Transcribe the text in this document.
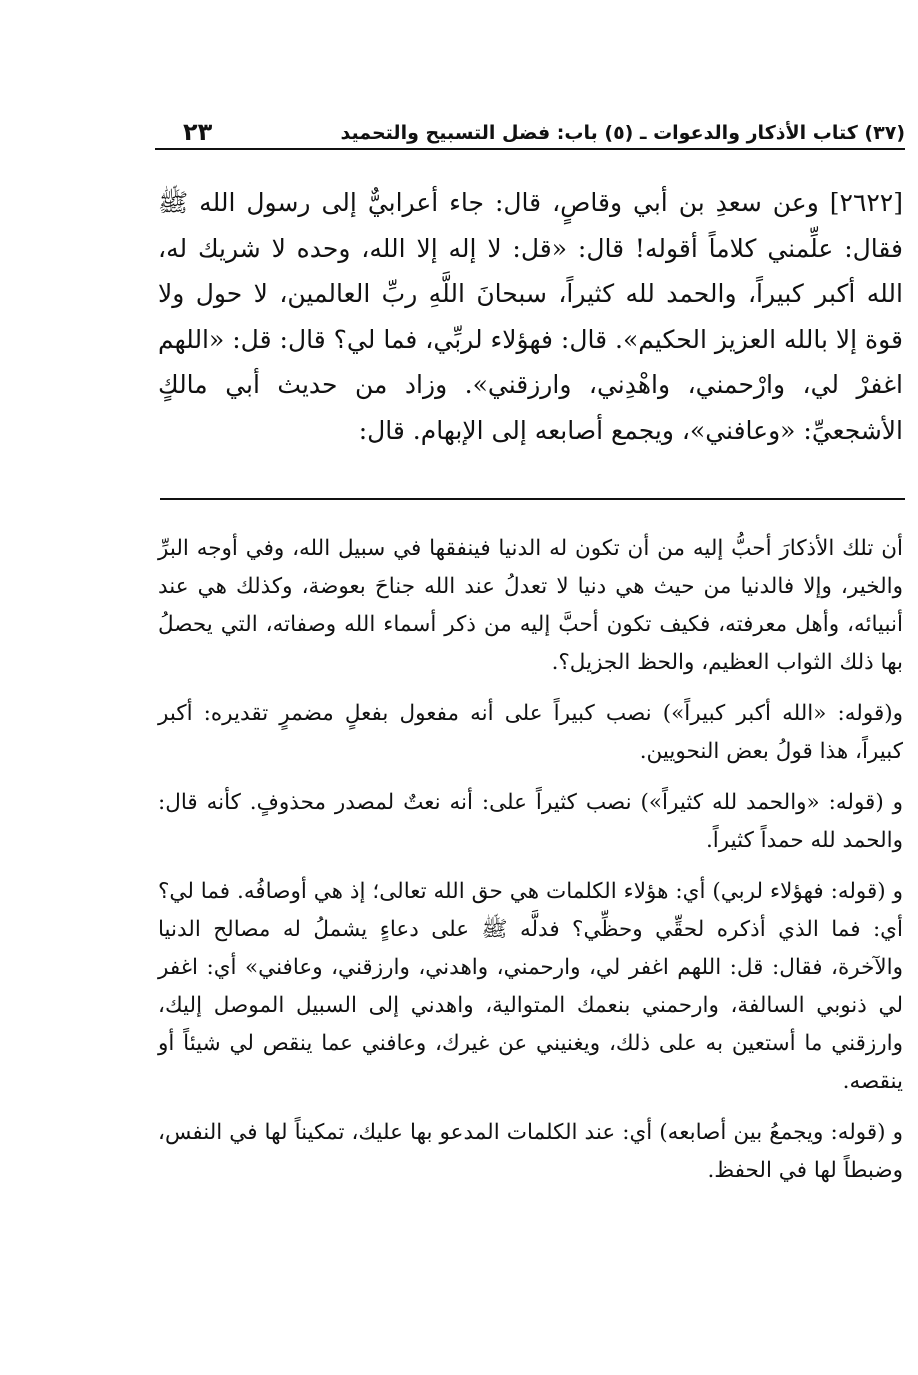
(٣٧) كتاب الأذكار والدعوات ـ (٥) باب: فضل التسبيح والتحميد
٢٣

[٢٦٢٢] وعن سعدِ بن أبي وقاصٍ، قال: جاء أعرابيٌّ إلى رسول الله ﷺ فقال: علِّمني كلاماً أقوله! قال: «قل: لا إله إلا الله، وحده لا شريك له، الله أكبر كبيراً، والحمد لله كثيراً، سبحانَ اللَّهِ ربِّ العالمين، لا حول ولا قوة إلا بالله العزيز الحكيم». قال: فهؤلاء لربِّي، فما لي؟ قال: قل: «اللهم اغفرْ لي، وارْحمني، واهْدِني، وارزقني». وزاد من حديث أبي مالكٍ الأشجعيِّ: «وعافني»، ويجمع أصابعه إلى الإبهام. قال:

أن تلك الأذكارَ أحبُّ إليه من أن تكون له الدنيا فينفقها في سبيل الله، وفي أوجه البرِّ والخير، وإلا فالدنيا من حيث هي دنيا لا تعدلُ عند الله جناحَ بعوضة، وكذلك هي عند أنبيائه، وأهل معرفته، فكيف تكون أحبَّ إليه من ذكر أسماء الله وصفاته، التي يحصلُ بها ذلك الثواب العظيم، والحظ الجزيل؟.

و(قوله: «الله أكبر كبيراً») نصب كبيراً على أنه مفعول بفعلٍ مضمرٍ تقديره: أكبر كبيراً، هذا قولُ بعض النحويين.

و (قوله: «والحمد لله كثيراً») نصب كثيراً على: أنه نعتٌ لمصدر محذوفٍ. كأنه قال: والحمد لله حمداً كثيراً.

و (قوله: فهؤلاء لربي) أي: هؤلاء الكلمات هي حق الله تعالى؛ إذ هي أوصافُه. فما لي؟ أي: فما الذي أذكره لحقِّي وحظِّي؟ فدلَّه ﷺ على دعاءٍ يشملُ له مصالح الدنيا والآخرة، فقال: قل: اللهم اغفر لي، وارحمني، واهدني، وارزقني، وعافني» أي: اغفر لي ذنوبي السالفة، وارحمني بنعمك المتوالية، واهدني إلى السبيل الموصل إليك، وارزقني ما أستعين به على ذلك، ويغنيني عن غيرك، وعافني عما ينقص لي شيئاً أو ينقصه.

و (قوله: ويجمعُ بين أصابعه) أي: عند الكلمات المدعو بها عليك، تمكيناً لها في النفس، وضبطاً لها في الحفظ.
